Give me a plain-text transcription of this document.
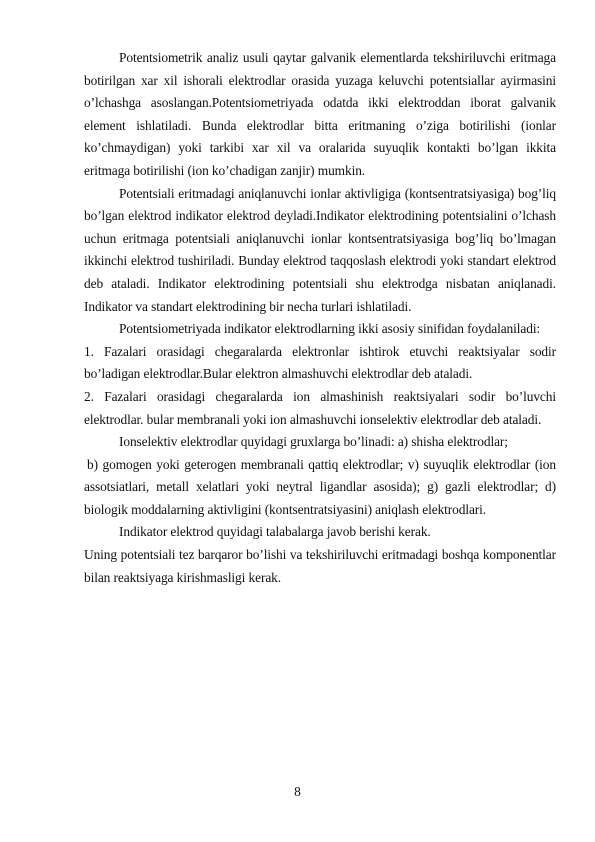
Potentsiometrik analiz usuli qaytar galvanik elementlarda tekshiriluvchi eritmaga botirilgan xar xil ishorali elektrodlar orasida yuzaga keluvchi potentsiallar ayirmasini o’lchashga asoslangan.Potentsiometriyada odatda ikki elektroddan iborat galvanik element ishlatiladi. Bunda elektrodlar bitta eritmaning o’ziga botirilishi (ionlar ko’chmaydigan) yoki tarkibi xar xil va oralarida suyuqlik kontakti bo’lgan ikkita eritmaga botirilishi (ion ko’chadigan zanjir) mumkin.

Potentsiali eritmadagi aniqlanuvchi ionlar aktivligiga (kontsentratsiyasiga) bog’liq bo’lgan elektrod indikator elektrod deyladi.Indikator elektrodining potentsialini o’lchash uchun eritmaga potentsiali aniqlanuvchi ionlar kontsentratsiyasiga bog’liq bo’lmagan ikkinchi elektrod tushiriladi. Bunday elektrod taqqoslash elektrodi yoki standart elektrod deb ataladi. Indikator elektrodining potentsiali shu elektrodga nisbatan aniqlanadi. Indikator va standart elektrodining bir necha turlari ishlatiladi.

Potentsiometriyada indikator elektrodlarning ikki asosiy sinifidan foydalaniladi:

1. Fazalari orasidagi chegaralarda elektronlar ishtirok etuvchi reaktsiyalar sodir bo’ladigan elektrodlar.Bular elektron almashuvchi elektrodlar deb ataladi.

2. Fazalari orasidagi chegaralarda ion almashinish reaktsiyalari sodir bo’luvchi elektrodlar. bular membranali yoki ion almashuvchi ionselektiv elektrodlar deb ataladi.

Ionselektiv elektrodlar quyidagi gruxlarga bo’linadi: a) shisha elektrodlar;

b) gomogen yoki geterogen membranali qattiq elektrodlar; v) suyuqlik elektrodlar (ion assotsiatlari, metall xelatlari yoki neytral ligandlar asosida); g) gazli elektrodlar; d) biologik moddalarning aktivligini (kontsentratsiyasini) aniqlash elektrodlari.

Indikator elektrod quyidagi talabalarga javob berishi kerak.

Uning potentsiali tez barqaror bo’lishi va tekshiriluvchi eritmadagi boshqa komponentlar bilan reaktsiyaga kirishmasligi kerak.

8
